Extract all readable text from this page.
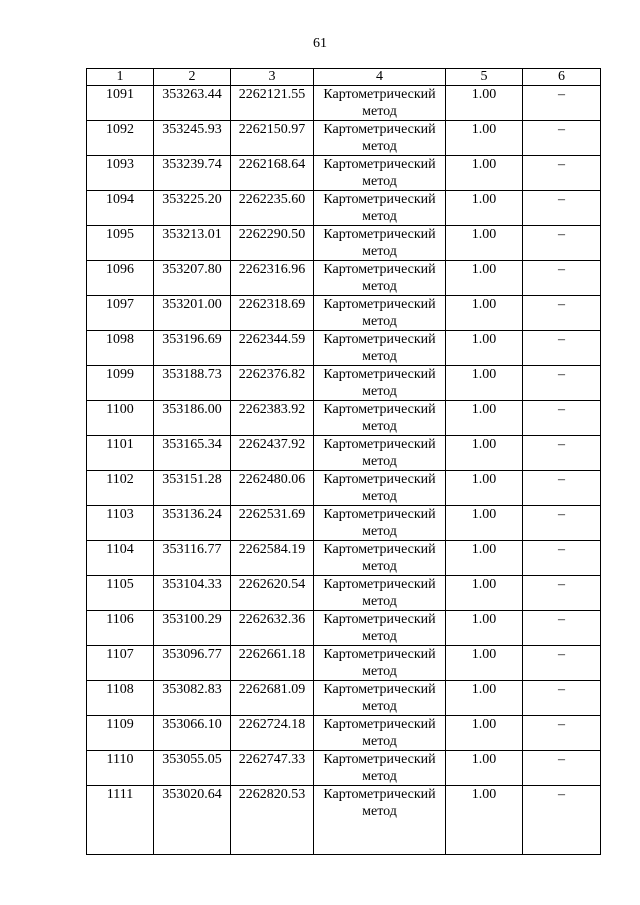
61
1	2	3	4	5	6
1091	353263.44	2262121.55	Картометрический метод	1.00	–
1092	353245.93	2262150.97	Картометрический метод	1.00	–
1093	353239.74	2262168.64	Картометрический метод	1.00	–
1094	353225.20	2262235.60	Картометрический метод	1.00	–
1095	353213.01	2262290.50	Картометрический метод	1.00	–
1096	353207.80	2262316.96	Картометрический метод	1.00	–
1097	353201.00	2262318.69	Картометрический метод	1.00	–
1098	353196.69	2262344.59	Картометрический метод	1.00	–
1099	353188.73	2262376.82	Картометрический метод	1.00	–
1100	353186.00	2262383.92	Картометрический метод	1.00	–
1101	353165.34	2262437.92	Картометрический метод	1.00	–
1102	353151.28	2262480.06	Картометрический метод	1.00	–
1103	353136.24	2262531.69	Картометрический метод	1.00	–
1104	353116.77	2262584.19	Картометрический метод	1.00	–
1105	353104.33	2262620.54	Картометрический метод	1.00	–
1106	353100.29	2262632.36	Картометрический метод	1.00	–
1107	353096.77	2262661.18	Картометрический метод	1.00	–
1108	353082.83	2262681.09	Картометрический метод	1.00	–
1109	353066.10	2262724.18	Картометрический метод	1.00	–
1110	353055.05	2262747.33	Картометрический метод	1.00	–
1111	353020.64	2262820.53	Картометрический метод	1.00	–
